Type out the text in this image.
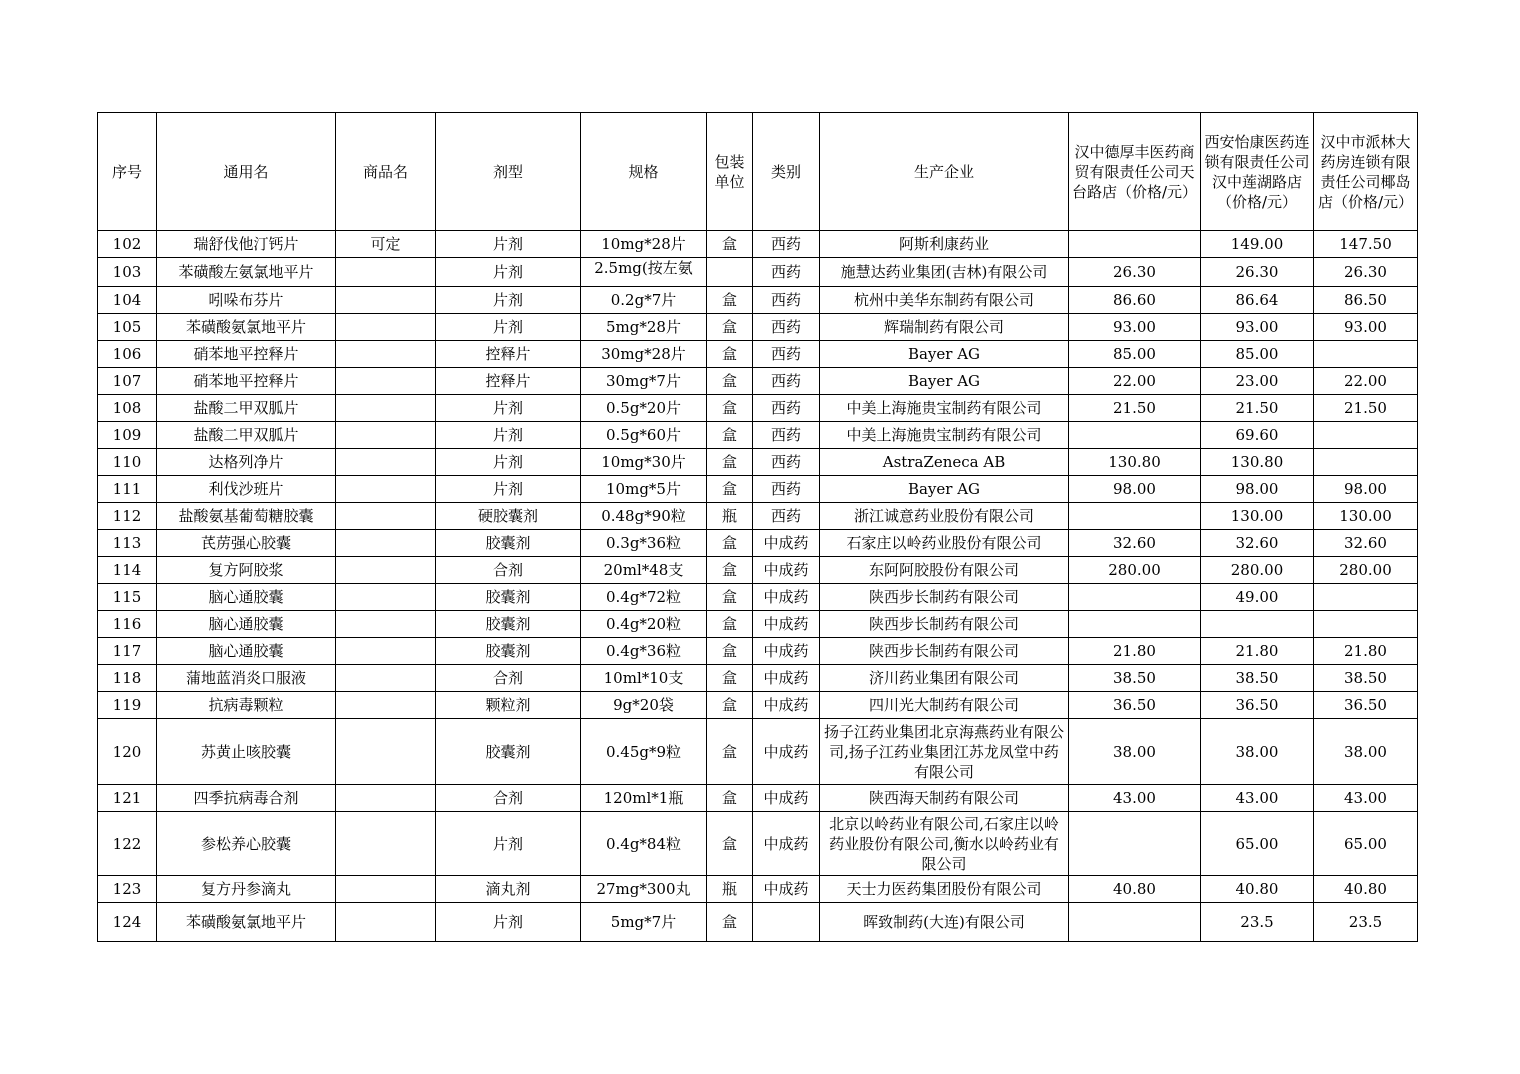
序号	通用名	商品名	剂型	规格	包装单位	类别	生产企业	汉中德厚丰医药商贸有限责任公司天台路店（价格/元）	西安怡康医药连锁有限责任公司汉中莲湖路店（价格/元）	汉中市派林大药房连锁有限责任公司椰岛店（价格/元）
102	瑞舒伐他汀钙片	可定	片剂	10mg*28片	盒	西药	阿斯利康药业		149.00	147.50
103	苯磺酸左氨氯地平片		片剂	2.5mg(按左氨		西药	施慧达药业集团(吉林)有限公司	26.30	26.30	26.30
104	吲哚布芬片		片剂	0.2g*7片	盒	西药	杭州中美华东制药有限公司	86.60	86.64	86.50
105	苯磺酸氨氯地平片		片剂	5mg*28片	盒	西药	辉瑞制药有限公司	93.00	93.00	93.00
106	硝苯地平控释片		控释片	30mg*28片	盒	西药	Bayer AG	85.00	85.00	
107	硝苯地平控释片		控释片	30mg*7片	盒	西药	Bayer AG	22.00	23.00	22.00
108	盐酸二甲双胍片		片剂	0.5g*20片	盒	西药	中美上海施贵宝制药有限公司	21.50	21.50	21.50
109	盐酸二甲双胍片		片剂	0.5g*60片	盒	西药	中美上海施贵宝制药有限公司		69.60	
110	达格列净片		片剂	10mg*30片	盒	西药	AstraZeneca AB	130.80	130.80	
111	利伐沙班片		片剂	10mg*5片	盒	西药	Bayer AG	98.00	98.00	98.00
112	盐酸氨基葡萄糖胶囊		硬胶囊剂	0.48g*90粒	瓶	西药	浙江诚意药业股份有限公司		130.00	130.00
113	芪苈强心胶囊		胶囊剂	0.3g*36粒	盒	中成药	石家庄以岭药业股份有限公司	32.60	32.60	32.60
114	复方阿胶浆		合剂	20ml*48支	盒	中成药	东阿阿胶股份有限公司	280.00	280.00	280.00
115	脑心通胶囊		胶囊剂	0.4g*72粒	盒	中成药	陕西步长制药有限公司		49.00	
116	脑心通胶囊		胶囊剂	0.4g*20粒	盒	中成药	陕西步长制药有限公司			
117	脑心通胶囊		胶囊剂	0.4g*36粒	盒	中成药	陕西步长制药有限公司	21.80	21.80	21.80
118	蒲地蓝消炎口服液		合剂	10ml*10支	盒	中成药	济川药业集团有限公司	38.50	38.50	38.50
119	抗病毒颗粒		颗粒剂	9g*20袋	盒	中成药	四川光大制药有限公司	36.50	36.50	36.50
120	苏黄止咳胶囊		胶囊剂	0.45g*9粒	盒	中成药	扬子江药业集团北京海燕药业有限公司,扬子江药业集团江苏龙凤堂中药有限公司	38.00	38.00	38.00
121	四季抗病毒合剂		合剂	120ml*1瓶	盒	中成药	陕西海天制药有限公司	43.00	43.00	43.00
122	参松养心胶囊		片剂	0.4g*84粒	盒	中成药	北京以岭药业有限公司,石家庄以岭药业股份有限公司,衡水以岭药业有限公司		65.00	65.00
123	复方丹参滴丸		滴丸剂	27mg*300丸	瓶	中成药	天士力医药集团股份有限公司	40.80	40.80	40.80
124	苯磺酸氨氯地平片		片剂	5mg*7片	盒		晖致制药(大连)有限公司		23.5	23.5
